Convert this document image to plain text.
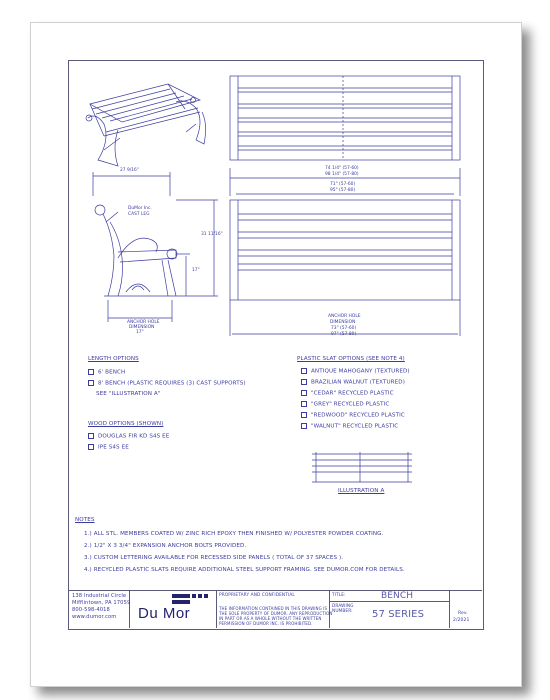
27 9/16"
31 11/16"
17"
DuMor Inc.
CAST LEG
ANCHOR HOLE
DIMENSION
17"
74 1/4" (57-60)
98 1/4" (57-80)
71" (57-60)
95" (57-80)
ANCHOR HOLE
DIMENSION
73" (57-60)
97" (57-80)
LENGTH OPTIONS
6' BENCH
8' BENCH (PLASTIC REQUIRES (3) CAST SUPPORTS)
SEE "ILLUSTRATION A"
WOOD OPTIONS (SHOWN)
DOUGLAS FIR KD S4S EE
IPE S4S EE
PLASTIC SLAT OPTIONS (SEE NOTE 4)
ANTIQUE MAHOGANY (TEXTURED)
BRAZILIAN WALNUT (TEXTURED)
"CEDAR" RECYCLED PLASTIC
"GREY" RECYCLED PLASTIC
"REDWOOD" RECYCLED PLASTIC
"WALNUT" RECYCLED PLASTIC
ILLUSTRATION A
NOTES
1.) ALL STL. MEMBERS COATED W/ ZINC RICH EPOXY THEN FINISHED W/ POLYESTER POWDER COATING.
2.) 1/2" X 3 3/4" EXPANSION ANCHOR BOLTS PROVIDED.
3.) CUSTOM LETTERING AVAILABLE FOR RECESSED SIDE PANELS ( TOTAL OF 37 SPACES ).
4.) RECYCLED PLASTIC SLATS REQUIRE ADDITIONAL STEEL SUPPORT FRAMING. SEE DUMOR.COM FOR DETAILS.
138 Industrial Circle
Mifflintown, PA 17059
800-598-4018
www.dumor.com Du Mor
PROPRIETARY AND CONFIDENTIAL
THE INFORMATION CONTAINED IN THIS DRAWING IS
THE SOLE PROPERTY OF DUMOR. ANY REPRODUCTION
IN PART OR AS A WHOLE WITHOUT THE WRITTEN
PERMISSION OF DUMOR INC. IS PROHIBITED.
TITLE:	BENCH
DRAWING
NUMBER: 57 SERIES	Rev.
2/2021
